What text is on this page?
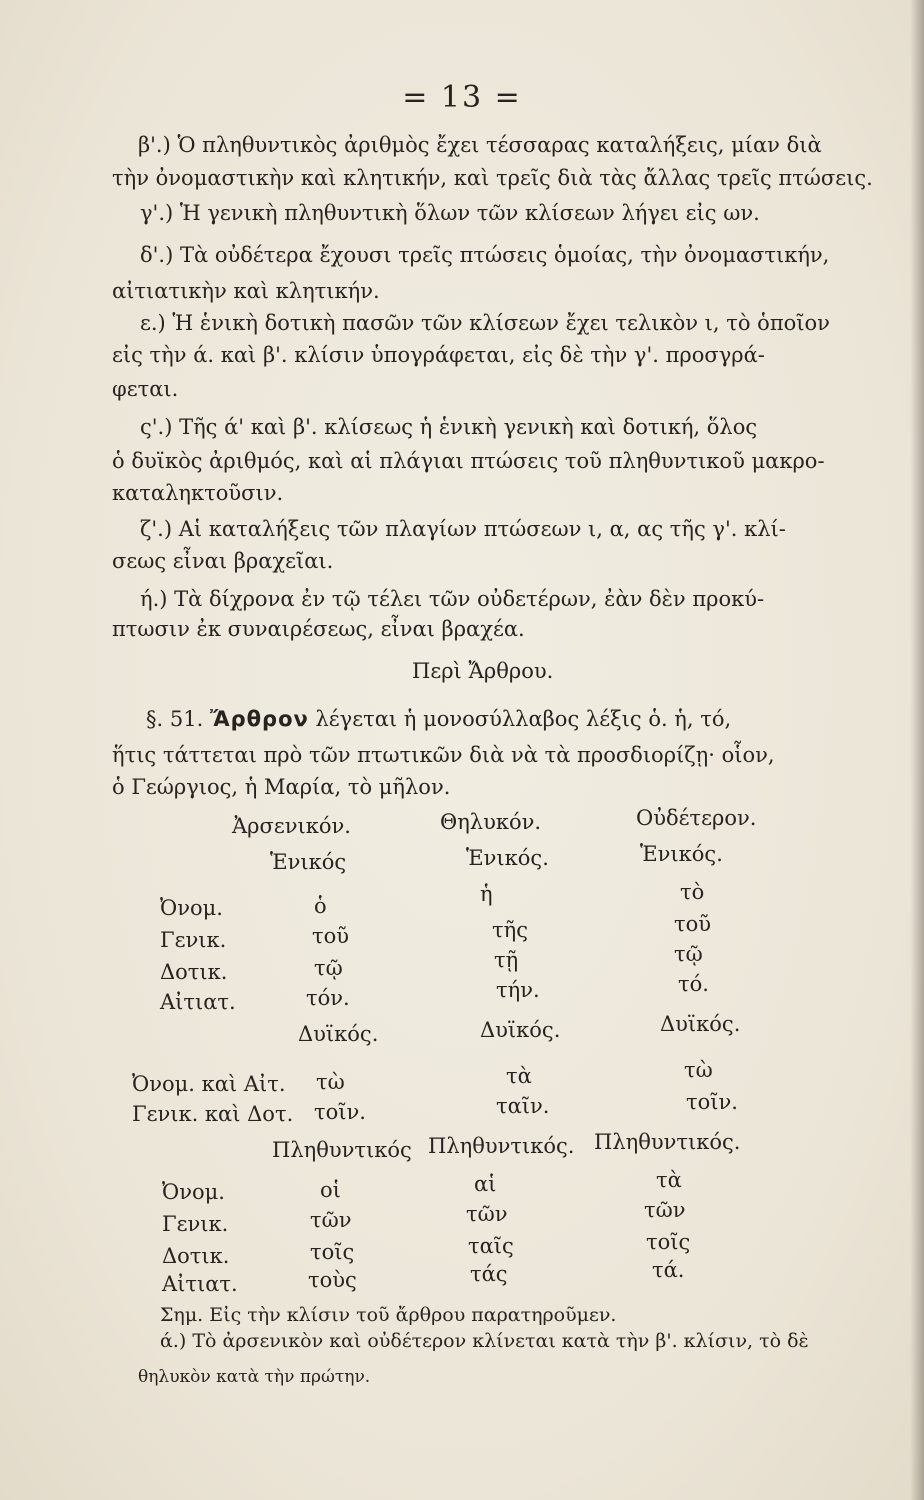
= 13 =
β'.) Ὁ πληθυντικὸς ἀριθμὸς ἔχει τέσσαρας καταλήξεις, μίαν διὰ
τὴν ὀνομαστικὴν καὶ κλητικήν, καὶ τρεῖς διὰ τὰς ἄλλας τρεῖς πτώσεις.
γ'.) Ἡ γενικὴ πληθυντικὴ ὅλων τῶν κλίσεων λήγει εἰς ων.
δ'.) Τὰ οὐδέτερα ἔχουσι τρεῖς πτώσεις ὁμοίας, τὴν ὀνομαστικήν,
αἰτιατικὴν καὶ κλητικήν.
ε.) Ἡ ἑνικὴ δοτικὴ πασῶν τῶν κλίσεων ἔχει τελικὸν ι, τὸ ὁποῖον
εἰς τὴν ά. καὶ β'. κλίσιν ὑπογράφεται, εἰς δὲ τὴν γ'. προσγρά-
φεται.
ς'.) Τῆς ά' καὶ β'. κλίσεως ἡ ἑνικὴ γενικὴ καὶ δοτική, ὅλος
ὁ δυϊκὸς ἀριθμός, καὶ αἱ πλάγιαι πτώσεις τοῦ πληθυντικοῦ μακρο-
καταληκτοῦσιν.
ζ'.) Αἱ καταλήξεις τῶν πλαγίων πτώσεων ι, α, ας τῆς γ'. κλί-
σεως εἶναι βραχεῖαι.
ή.) Τὰ δίχρονα ἐν τῷ τέλει τῶν οὐδετέρων, ἐὰν δὲν προκύ-
πτωσιν ἐκ συναιρέσεως, εἶναι βραχέα.
Περὶ Ἄρθρου.
§. 51. Ἄρθρον λέγεται ἡ μονοσύλλαβος λέξις ὁ. ἡ, τό,
ἥτις τάττεται πρὸ τῶν πτωτικῶν διὰ νὰ τὰ προσδιορίζῃ· οἷον,
ὁ Γεώργιος, ἡ Μαρία, τὸ μῆλον.
Ἀρσενικόν.	Θηλυκόν.	Οὐδέτερον.
Ἑνικός	Ἑνικός.	Ἑνικός.
Ὀνομ.	ὁ	ἡ	τὸ
Γενικ.	τοῦ	τῆς	τοῦ
Δοτικ.	τῷ	τῇ	τῷ
Αἰτιατ.	τόν.	τήν.	τό.
Δυϊκός.	Δυϊκός.	Δυϊκός.
Ὀνομ. καὶ Αἰτ. τὼ	τὰ	τὼ
Γενικ. καὶ Δοτ. τοῖν.	ταῖν.	τοῖν.
Πληθυντικός Πληθυντικός. Πληθυντικός.
Ὀνομ.	οἱ	αἱ	τὰ
Γενικ.	τῶν	τῶν	τῶν
Δοτικ.	τοῖς	ταῖς	τοῖς
Αἰτιατ.	τοὺς	τάς	τά.
Σημ. Εἰς τὴν κλίσιν τοῦ ἄρθρου παρατηροῦμεν.
ά.) Τὸ ἀρσενικὸν καὶ οὐδέτερον κλίνεται κατὰ τὴν β'. κλίσιν, τὸ δὲ
θηλυκὸν κατὰ τὴν πρώτην.
